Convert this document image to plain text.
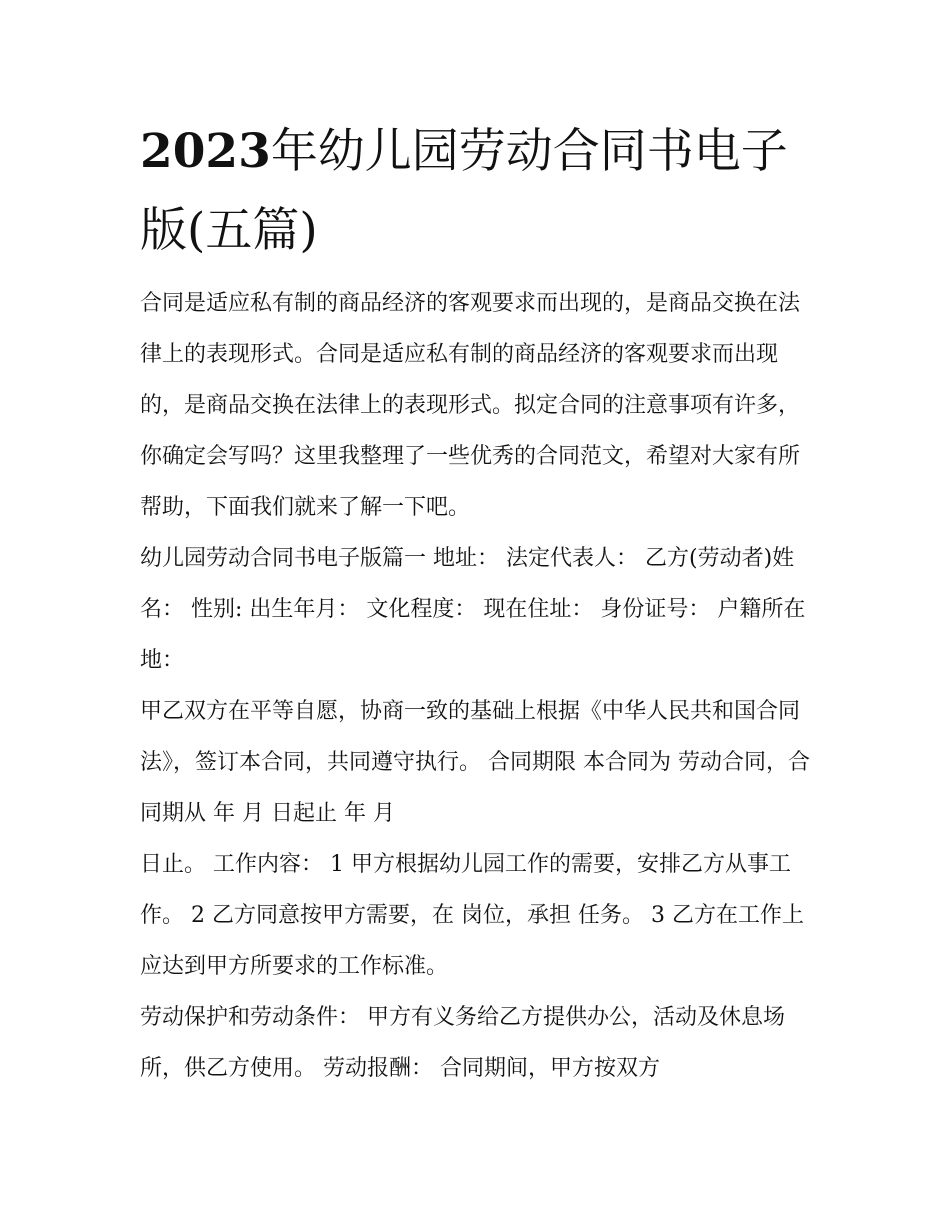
2023年幼儿园劳动合同书电子版(五篇)

合同是适应私有制的商品经济的客观要求而出现的，是商品交换在法律上的表现形式。合同是适应私有制的商品经济的客观要求而出现的，是商品交换在法律上的表现形式。拟定合同的注意事项有许多，你确定会写吗？这里我整理了一些优秀的合同范文，希望对大家有所帮助，下面我们就来了解一下吧。

幼儿园劳动合同书电子版篇一 地址： 法定代表人： 乙方(劳动者)姓名： 性别: 出生年月： 文化程度： 现在住址： 身份证号： 户籍所在地：

甲乙双方在平等自愿，协商一致的基础上根据《中华人民共和国合同法》，签订本合同，共同遵守执行。 合同期限 本合同为 劳动合同，合同期从 年 月 日起止 年 月

日止。 工作内容： 1 甲方根据幼儿园工作的需要，安排乙方从事工作。 2 乙方同意按甲方需要，在 岗位，承担 任务。 3 乙方在工作上应达到甲方所要求的工作标准。

劳动保护和劳动条件： 甲方有义务给乙方提供办公，活动及休息场所，供乙方使用。 劳动报酬： 合同期间，甲方按双方
